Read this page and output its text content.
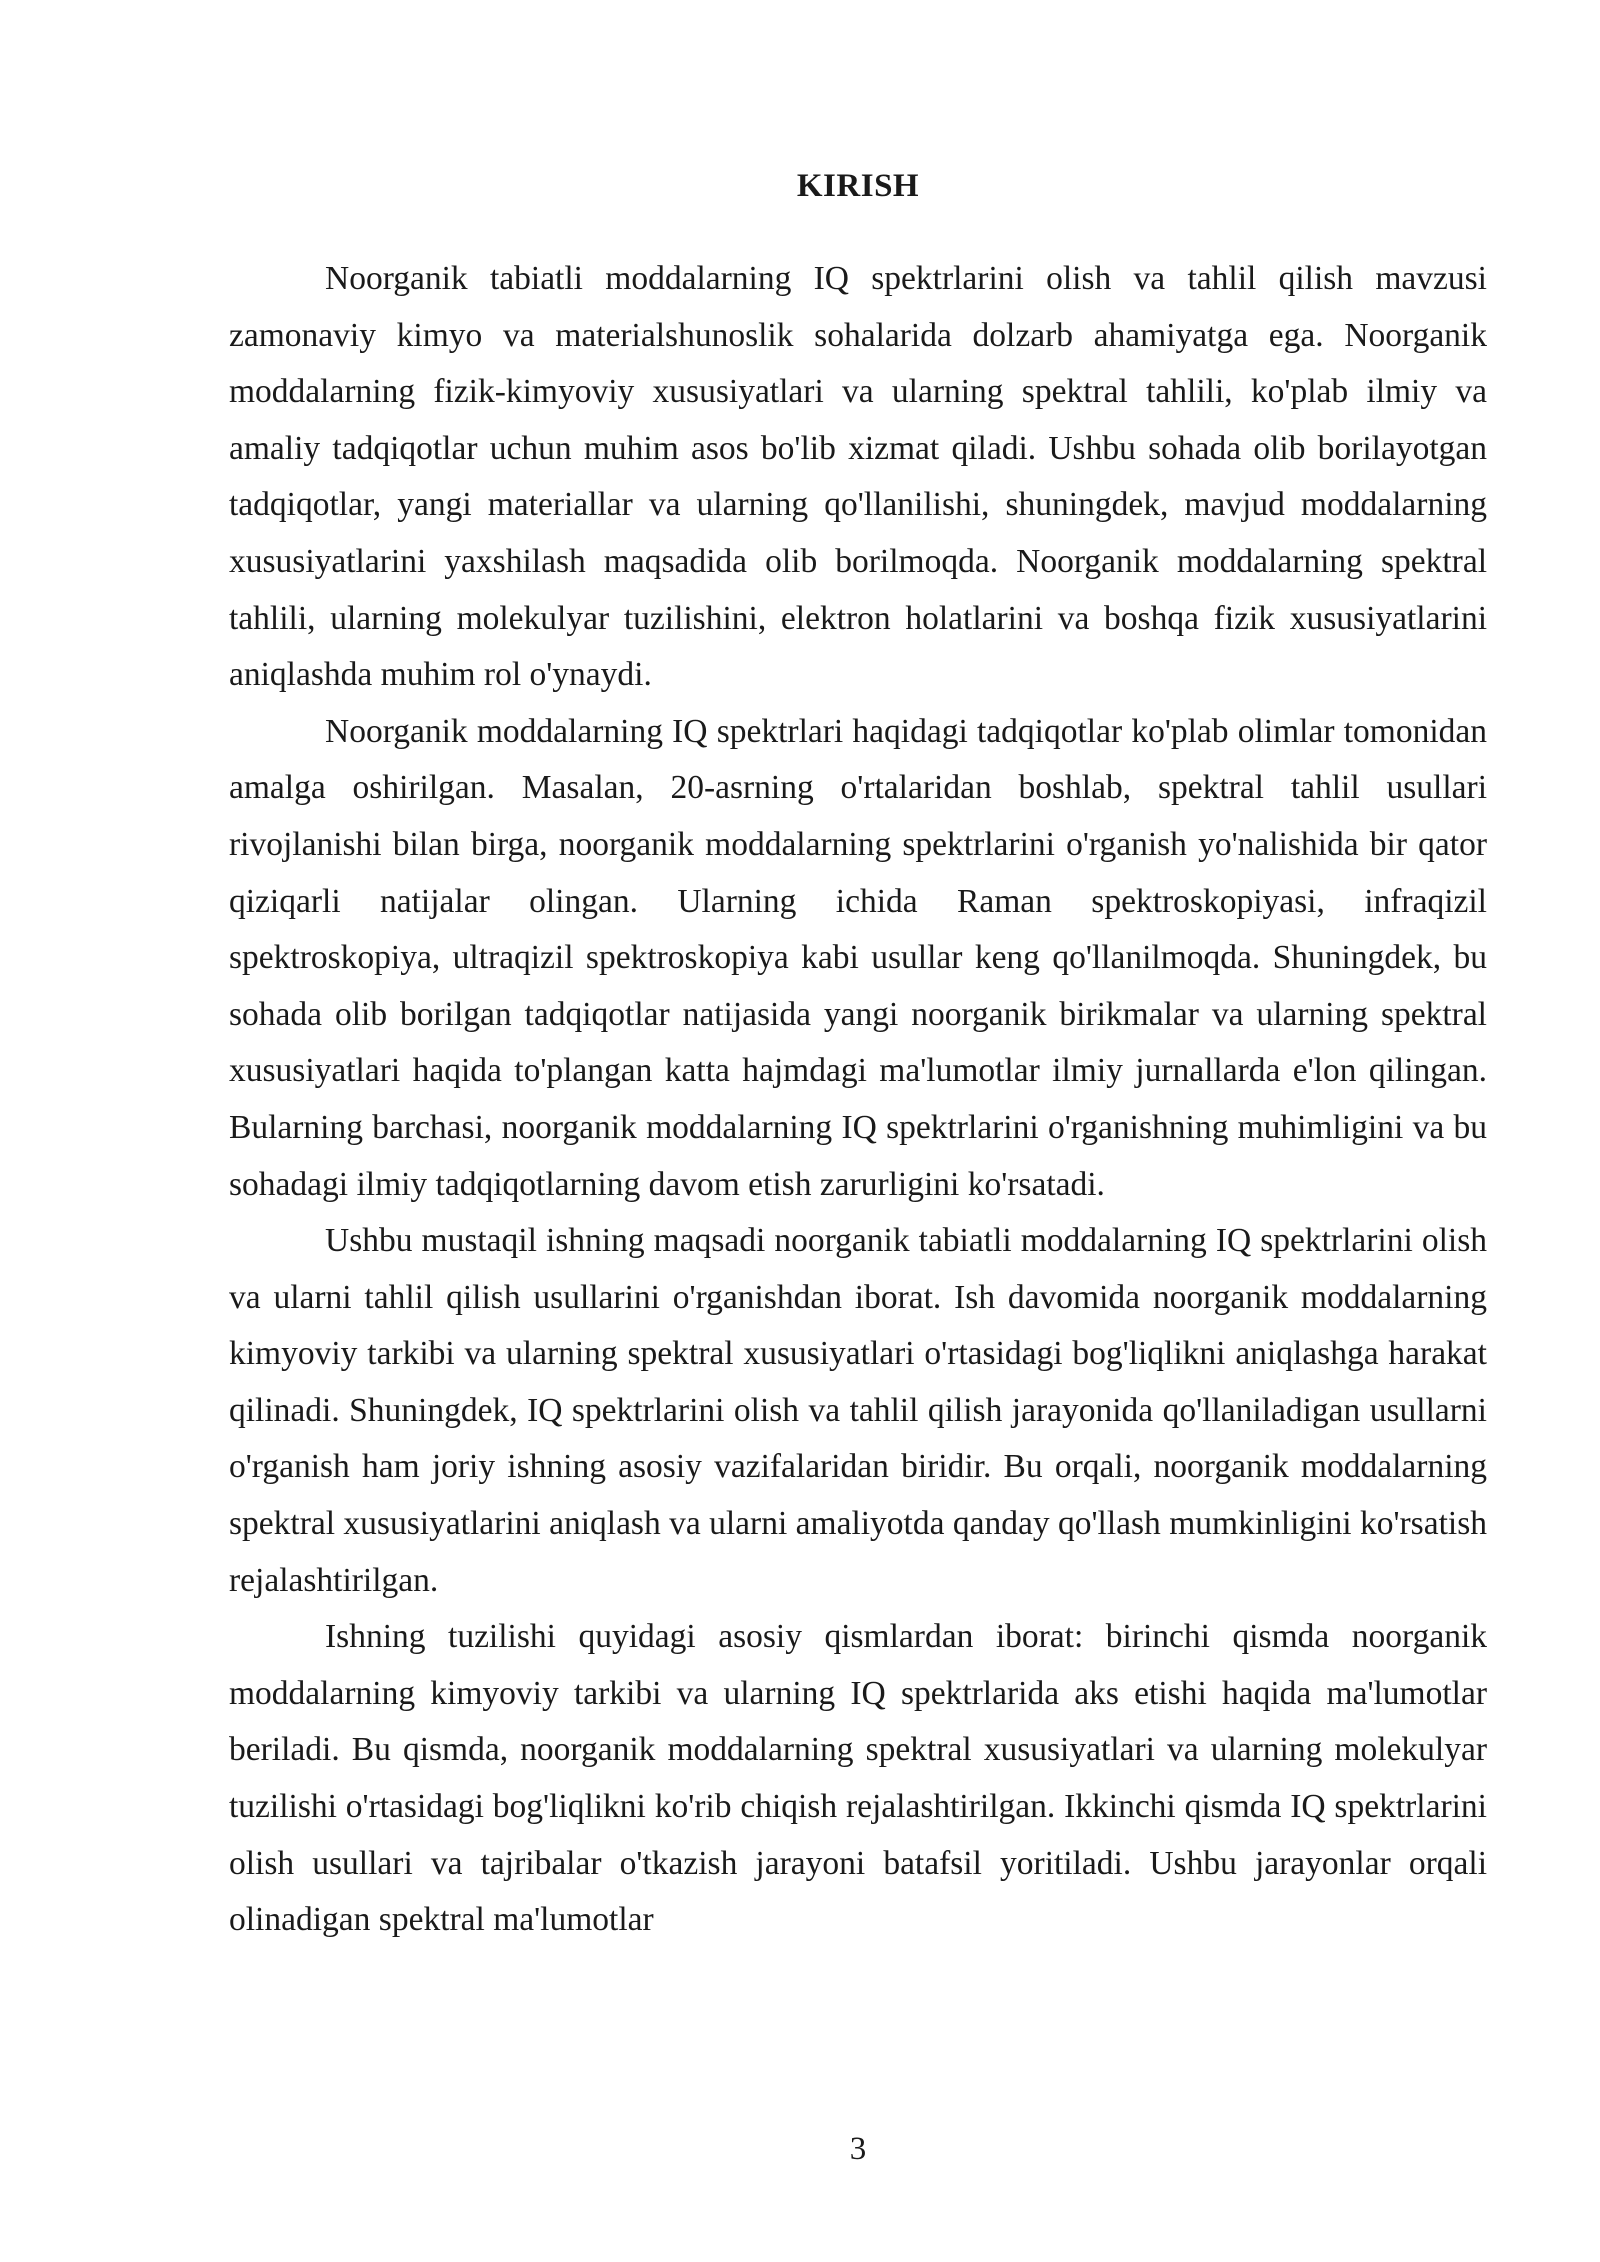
KIRISH

Noorganik tabiatli moddalarning IQ spektrlarini olish va tahlil qilish mavzusi zamonaviy kimyo va materialshunoslik sohalarida dolzarb ahamiyatga ega. Noorganik moddalarning fizik-kimyoviy xususiyatlari va ularning spektral tahlili, ko'plab ilmiy va amaliy tadqiqotlar uchun muhim asos bo'lib xizmat qiladi. Ushbu sohada olib borilayotgan tadqiqotlar, yangi materiallar va ularning qo'llanilishi, shuningdek, mavjud moddalarning xususiyatlarini yaxshilash maqsadida olib borilmoqda. Noorganik moddalarning spektral tahlili, ularning molekulyar tuzilishini, elektron holatlarini va boshqa fizik xususiyatlarini aniqlashda muhim rol o'ynaydi.

Noorganik moddalarning IQ spektrlari haqidagi tadqiqotlar ko'plab olimlar tomonidan amalga oshirilgan. Masalan, 20-asrning o'rtalaridan boshlab, spektral tahlil usullari rivojlanishi bilan birga, noorganik moddalarning spektrlarini o'rganish yo'nalishida bir qator qiziqarli natijalar olingan. Ularning ichida Raman spektroskopiyasi, infraqizil spektroskopiya, ultraqizil spektroskopiya kabi usullar keng qo'llanilmoqda. Shuningdek, bu sohada olib borilgan tadqiqotlar natijasida yangi noorganik birikmalar va ularning spektral xususiyatlari haqida to'plangan katta hajmdagi ma'lumotlar ilmiy jurnallarda e'lon qilingan. Bularning barchasi, noorganik moddalarning IQ spektrlarini o'rganishning muhimligini va bu sohadagi ilmiy tadqiqotlarning davom etish zarurligini ko'rsatadi.

Ushbu mustaqil ishning maqsadi noorganik tabiatli moddalarning IQ spektrlarini olish va ularni tahlil qilish usullarini o'rganishdan iborat. Ish davomida noorganik moddalarning kimyoviy tarkibi va ularning spektral xususiyatlari o'rtasidagi bog'liqlikni aniqlashga harakat qilinadi. Shuningdek, IQ spektrlarini olish va tahlil qilish jarayonida qo'llaniladigan usullarni o'rganish ham joriy ishning asosiy vazifalaridan biridir. Bu orqali, noorganik moddalarning spektral xususiyatlarini aniqlash va ularni amaliyotda qanday qo'llash mumkinligini ko'rsatish rejalashtirilgan.

Ishning tuzilishi quyidagi asosiy qismlardan iborat: birinchi qismda noorganik moddalarning kimyoviy tarkibi va ularning IQ spektrlarida aks etishi haqida ma'lumotlar beriladi. Bu qismda, noorganik moddalarning spektral xususiyatlari va ularning molekulyar tuzilishi o'rtasidagi bog'liqlikni ko'rib chiqish rejalashtirilgan. Ikkinchi qismda IQ spektrlarini olish usullari va tajribalar o'tkazish jarayoni batafsil yoritiladi. Ushbu jarayonlar orqali olinadigan spektral ma'lumotlar

3
